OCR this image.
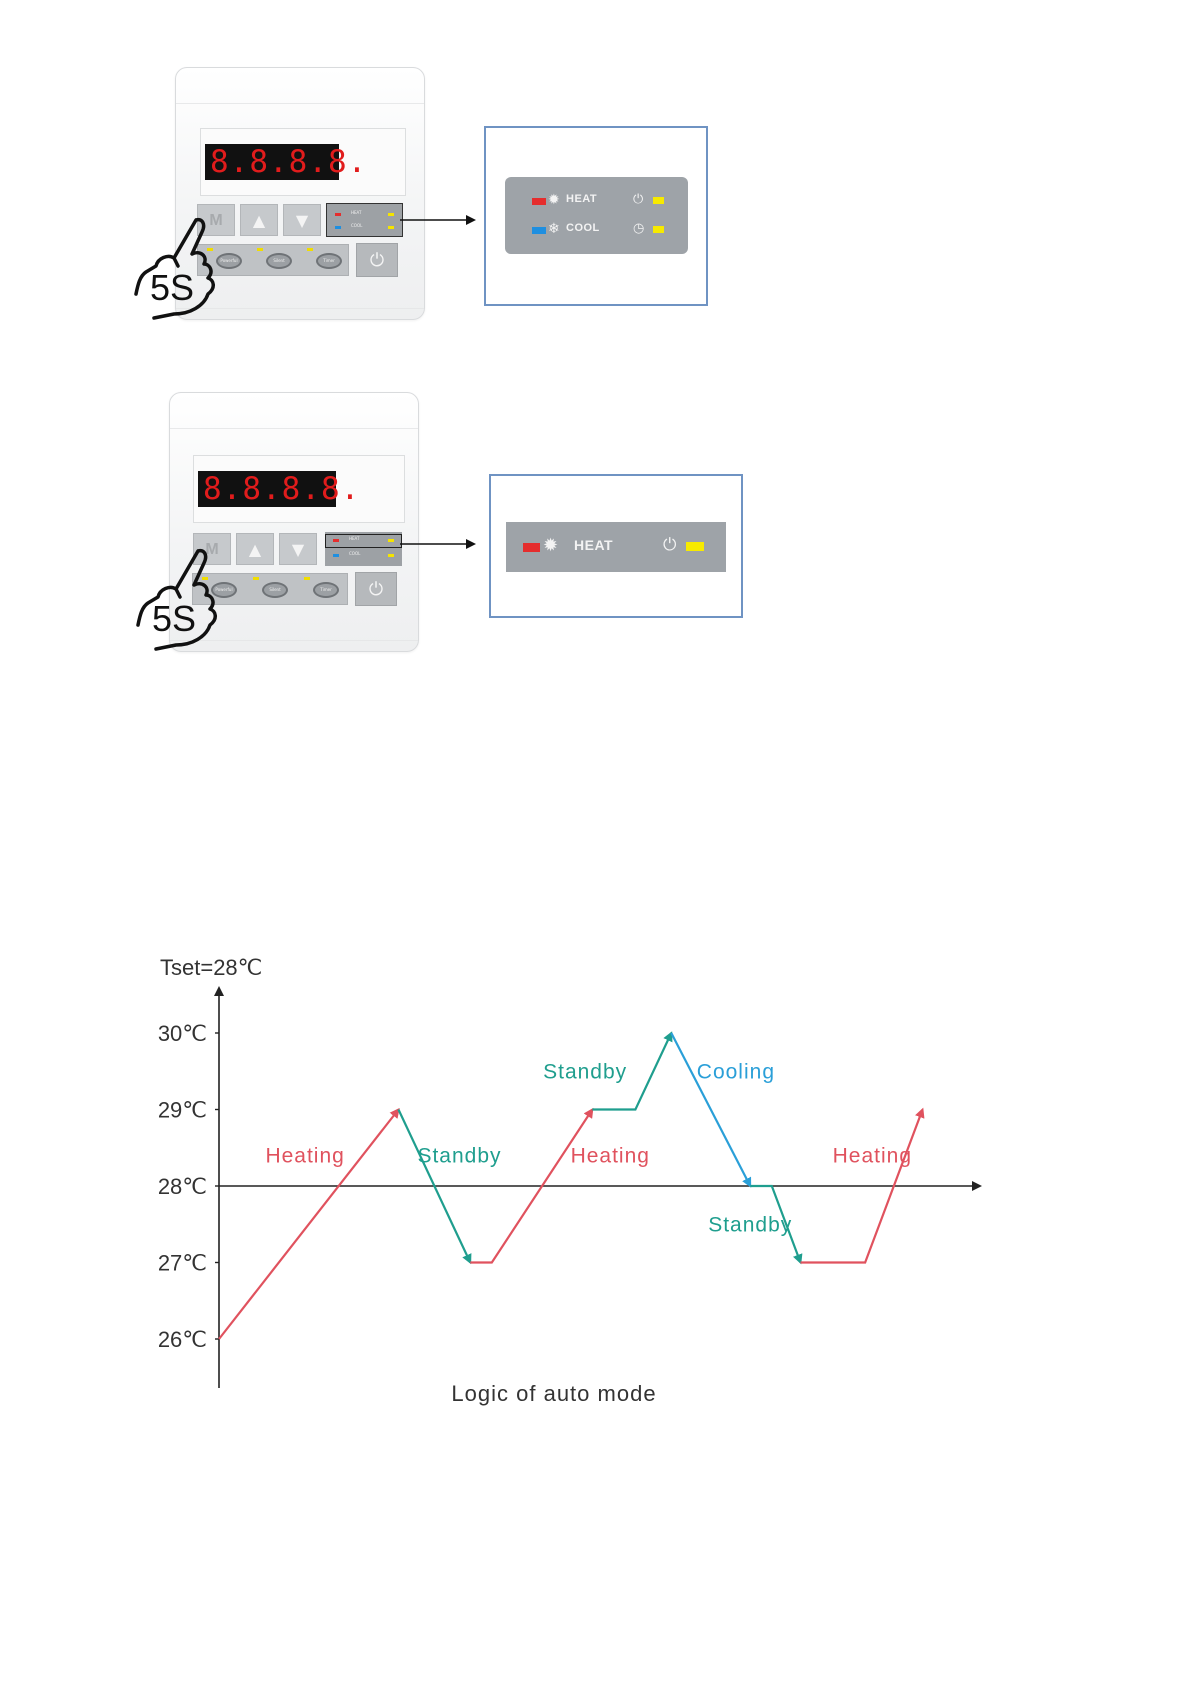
8.8.8.8.
M	▲	▼	HEAT
COOL
Powerful	Silent	Timer	⏻
5S
✹ HEAT	⏻
❄ COOL	◷
8.8.8.8.
M	▲	▼
HEAT
COOL
Powerful	Silent	Timer	⏻
5S
✹ HEAT	⏻
Tset=28℃
30℃
29℃
28℃
27℃
26℃
Heating	Standby	Heating
Standby	Cooling
Standby
Heating
Logic of auto mode
